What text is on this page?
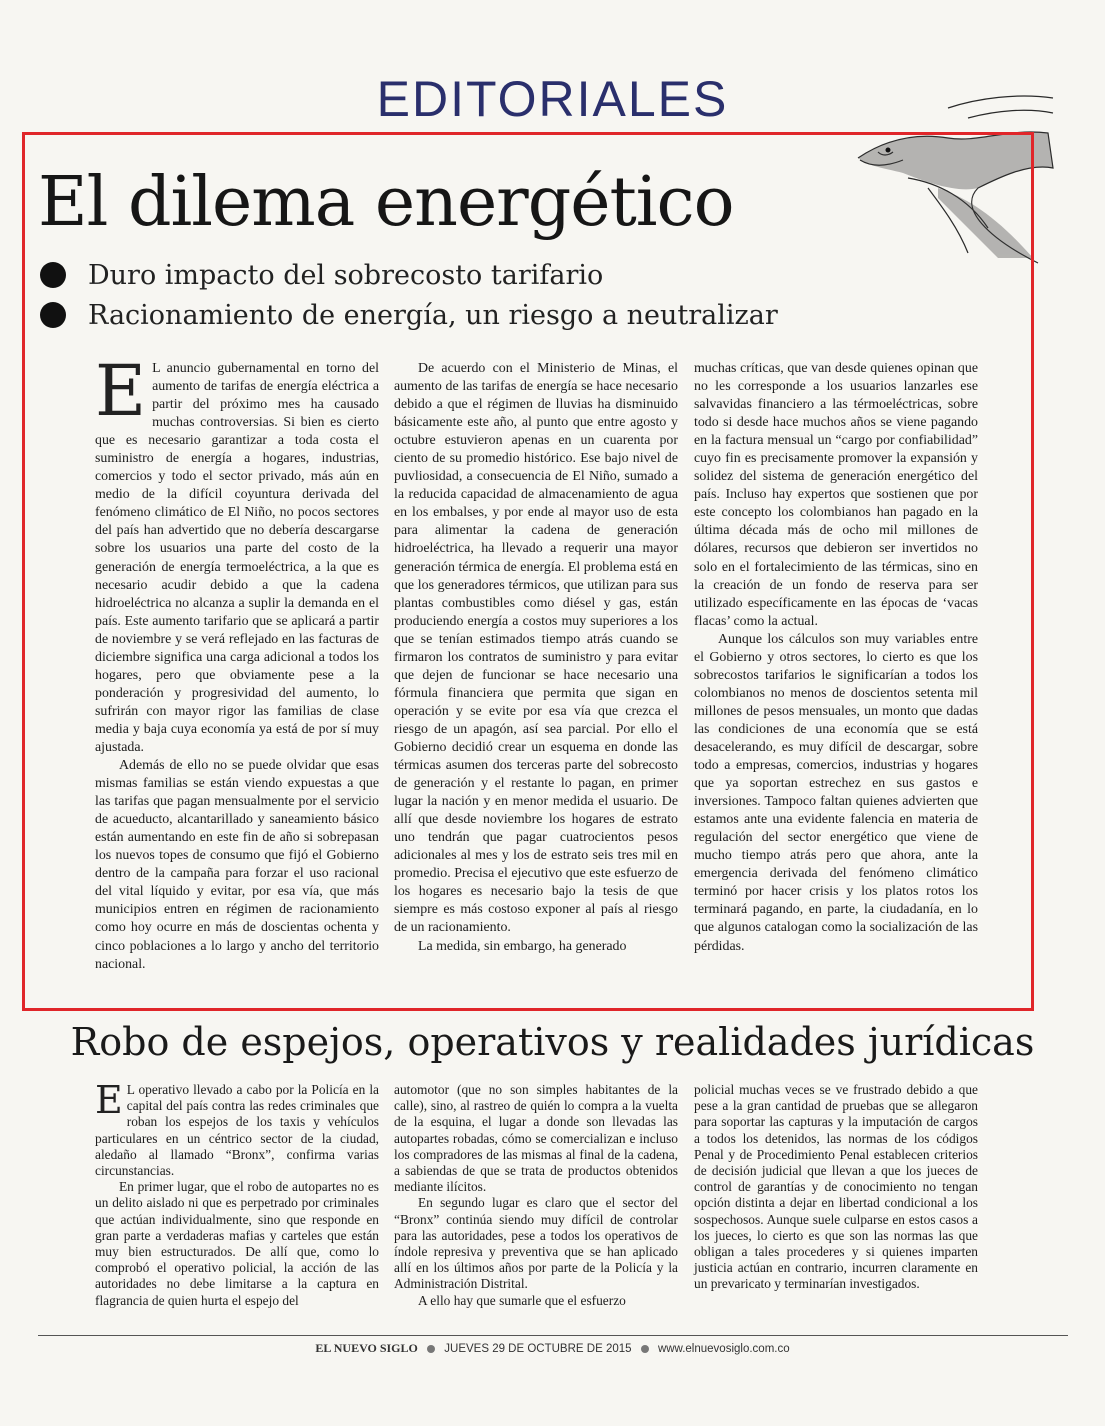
EDITORIALES
El dilema energético
Duro impacto del sobrecosto tarifario
Racionamiento de energía, un riesgo a neutralizar

E L anuncio gubernamental en torno del aumento de tarifas de energía eléctrica a partir del próximo mes ha causado muchas controversias. Si bien es cierto que es necesario garantizar a toda costa el suministro de energía a hogares, industrias, comercios y todo el sector privado, más aún en medio de la difícil coyuntura derivada del fenómeno climático de El Niño, no pocos sectores del país han advertido que no debería descargarse sobre los usuarios una parte del costo de la generación de energía termoeléctrica, a la que es necesario acudir debido a que la cadena hidroeléctrica no alcanza a suplir la demanda en el país. Este aumento tarifario que se aplicará a partir de noviembre y se verá reflejado en las facturas de diciembre significa una carga adicional a todos los hogares, pero que obviamente pese a la ponderación y progresividad del aumento, lo sufrirán con mayor rigor las familias de clase media y baja cuya economía ya está de por sí muy ajustada.

Además de ello no se puede olvidar que esas mismas familias se están viendo expuestas a que las tarifas que pagan mensualmente por el servicio de acueducto, alcantarillado y saneamiento básico están aumentando en este fin de año si sobrepasan los nuevos topes de consumo que fijó el Gobierno dentro de la campaña para forzar el uso racional del vital líquido y evitar, por esa vía, que más municipios entren en régimen de racionamiento como hoy ocurre en más de doscientas ochenta y cinco poblaciones a lo largo y ancho del territorio nacional.

De acuerdo con el Ministerio de Minas, el aumento de las tarifas de energía se hace necesario debido a que el régimen de lluvias ha disminuido básicamente este año, al punto que entre agosto y octubre estuvieron apenas en un cuarenta por ciento de su promedio histórico. Ese bajo nivel de puvliosidad, a consecuencia de El Niño, sumado a la reducida capacidad de almacenamiento de agua en los embalses, y por ende al mayor uso de esta para alimentar la cadena de generación hidroeléctrica, ha llevado a requerir una mayor generación térmica de energía. El problema está en que los generadores térmicos, que utilizan para sus plantas combustibles como diésel y gas, están produciendo energía a costos muy superiores a los que se tenían estimados tiempo atrás cuando se firmaron los contratos de suministro y para evitar que dejen de funcionar se hace necesario una fórmula financiera que permita que sigan en operación y se evite por esa vía que crezca el riesgo de un apagón, así sea parcial. Por ello el Gobierno decidió crear un esquema en donde las térmicas asumen dos terceras parte del sobrecosto de generación y el restante lo pagan, en primer lugar la nación y en menor medida el usuario. De allí que desde noviembre los hogares de estrato uno tendrán que pagar cuatrocientos pesos adicionales al mes y los de estrato seis tres mil en promedio. Precisa el ejecutivo que este esfuerzo de los hogares es necesario bajo la tesis de que siempre es más costoso exponer al país al riesgo de un racionamiento.

La medida, sin embargo, ha generado

muchas críticas, que van desde quienes opinan que no les corresponde a los usuarios lanzarles ese salvavidas financiero a las térmoeléctricas, sobre todo si desde hace muchos años se viene pagando en la factura mensual un “cargo por confiabilidad” cuyo fin es precisamente promover la expansión y solidez del sistema de generación energético del país. Incluso hay expertos que sostienen que por este concepto los colombianos han pagado en la última década más de ocho mil millones de dólares, recursos que debieron ser invertidos no solo en el fortalecimiento de las térmicas, sino en la creación de un fondo de reserva para ser utilizado específicamente en las épocas de ‘vacas flacas’ como la actual.

Aunque los cálculos son muy variables entre el Gobierno y otros sectores, lo cierto es que los sobrecostos tarifarios le significarían a todos los colombianos no menos de doscientos setenta mil millones de pesos mensuales, un monto que dadas las condiciones de una economía que se está desacelerando, es muy difícil de descargar, sobre todo a empresas, comercios, industrias y hogares que ya soportan estrechez en sus gastos e inversiones. Tampoco faltan quienes advierten que estamos ante una evidente falencia en materia de regulación del sector energético que viene de mucho tiempo atrás pero que ahora, ante la emergencia derivada del fenómeno climático terminó por hacer crisis y los platos rotos los terminará pagando, en parte, la ciudadanía, en lo que algunos catalogan como la socialización de las pérdidas.

Robo de espejos, operativos y realidades jurídicas

E L operativo llevado a cabo por la Policía en la capital del país contra las redes criminales que roban los espejos de los taxis y vehículos particulares en un céntrico sector de la ciudad, aledaño al llamado “Bronx”, confirma varias circunstancias.

En primer lugar, que el robo de autopartes no es un delito aislado ni que es perpetrado por criminales que actúan individualmente, sino que responde en gran parte a verdaderas mafias y carteles que están muy bien estructurados. De allí que, como lo comprobó el operativo policial, la acción de las autoridades no debe limitarse a la captura en flagrancia de quien hurta el espejo del

automotor (que no son simples habitantes de la calle), sino, al rastreo de quién lo compra a la vuelta de la esquina, el lugar a donde son llevadas las autopartes robadas, cómo se comercializan e incluso los compradores de las mismas al final de la cadena, a sabiendas de que se trata de productos obtenidos mediante ilícitos.

En segundo lugar es claro que el sector del “Bronx” continúa siendo muy difícil de controlar para las autoridades, pese a todos los operativos de índole represiva y preventiva que se han aplicado allí en los últimos años por parte de la Policía y la Administración Distrital.

A ello hay que sumarle que el esfuerzo

policial muchas veces se ve frustrado debido a que pese a la gran cantidad de pruebas que se allegaron para soportar las capturas y la imputación de cargos a todos los detenidos, las normas de los códigos Penal y de Procedimiento Penal establecen criterios de decisión judicial que llevan a que los jueces de control de garantías y de conocimiento no tengan opción distinta a dejar en libertad condicional a los sospechosos. Aunque suele culparse en estos casos a los jueces, lo cierto es que son las normas las que obligan a tales procederes y si quienes imparten justicia actúan en contrario, incurren claramente en un prevaricato y terminarían investigados.

EL NUEVO SIGLO JUEVES 29 DE OCTUBRE DE 2015 www.elnuevosiglo.com.co
